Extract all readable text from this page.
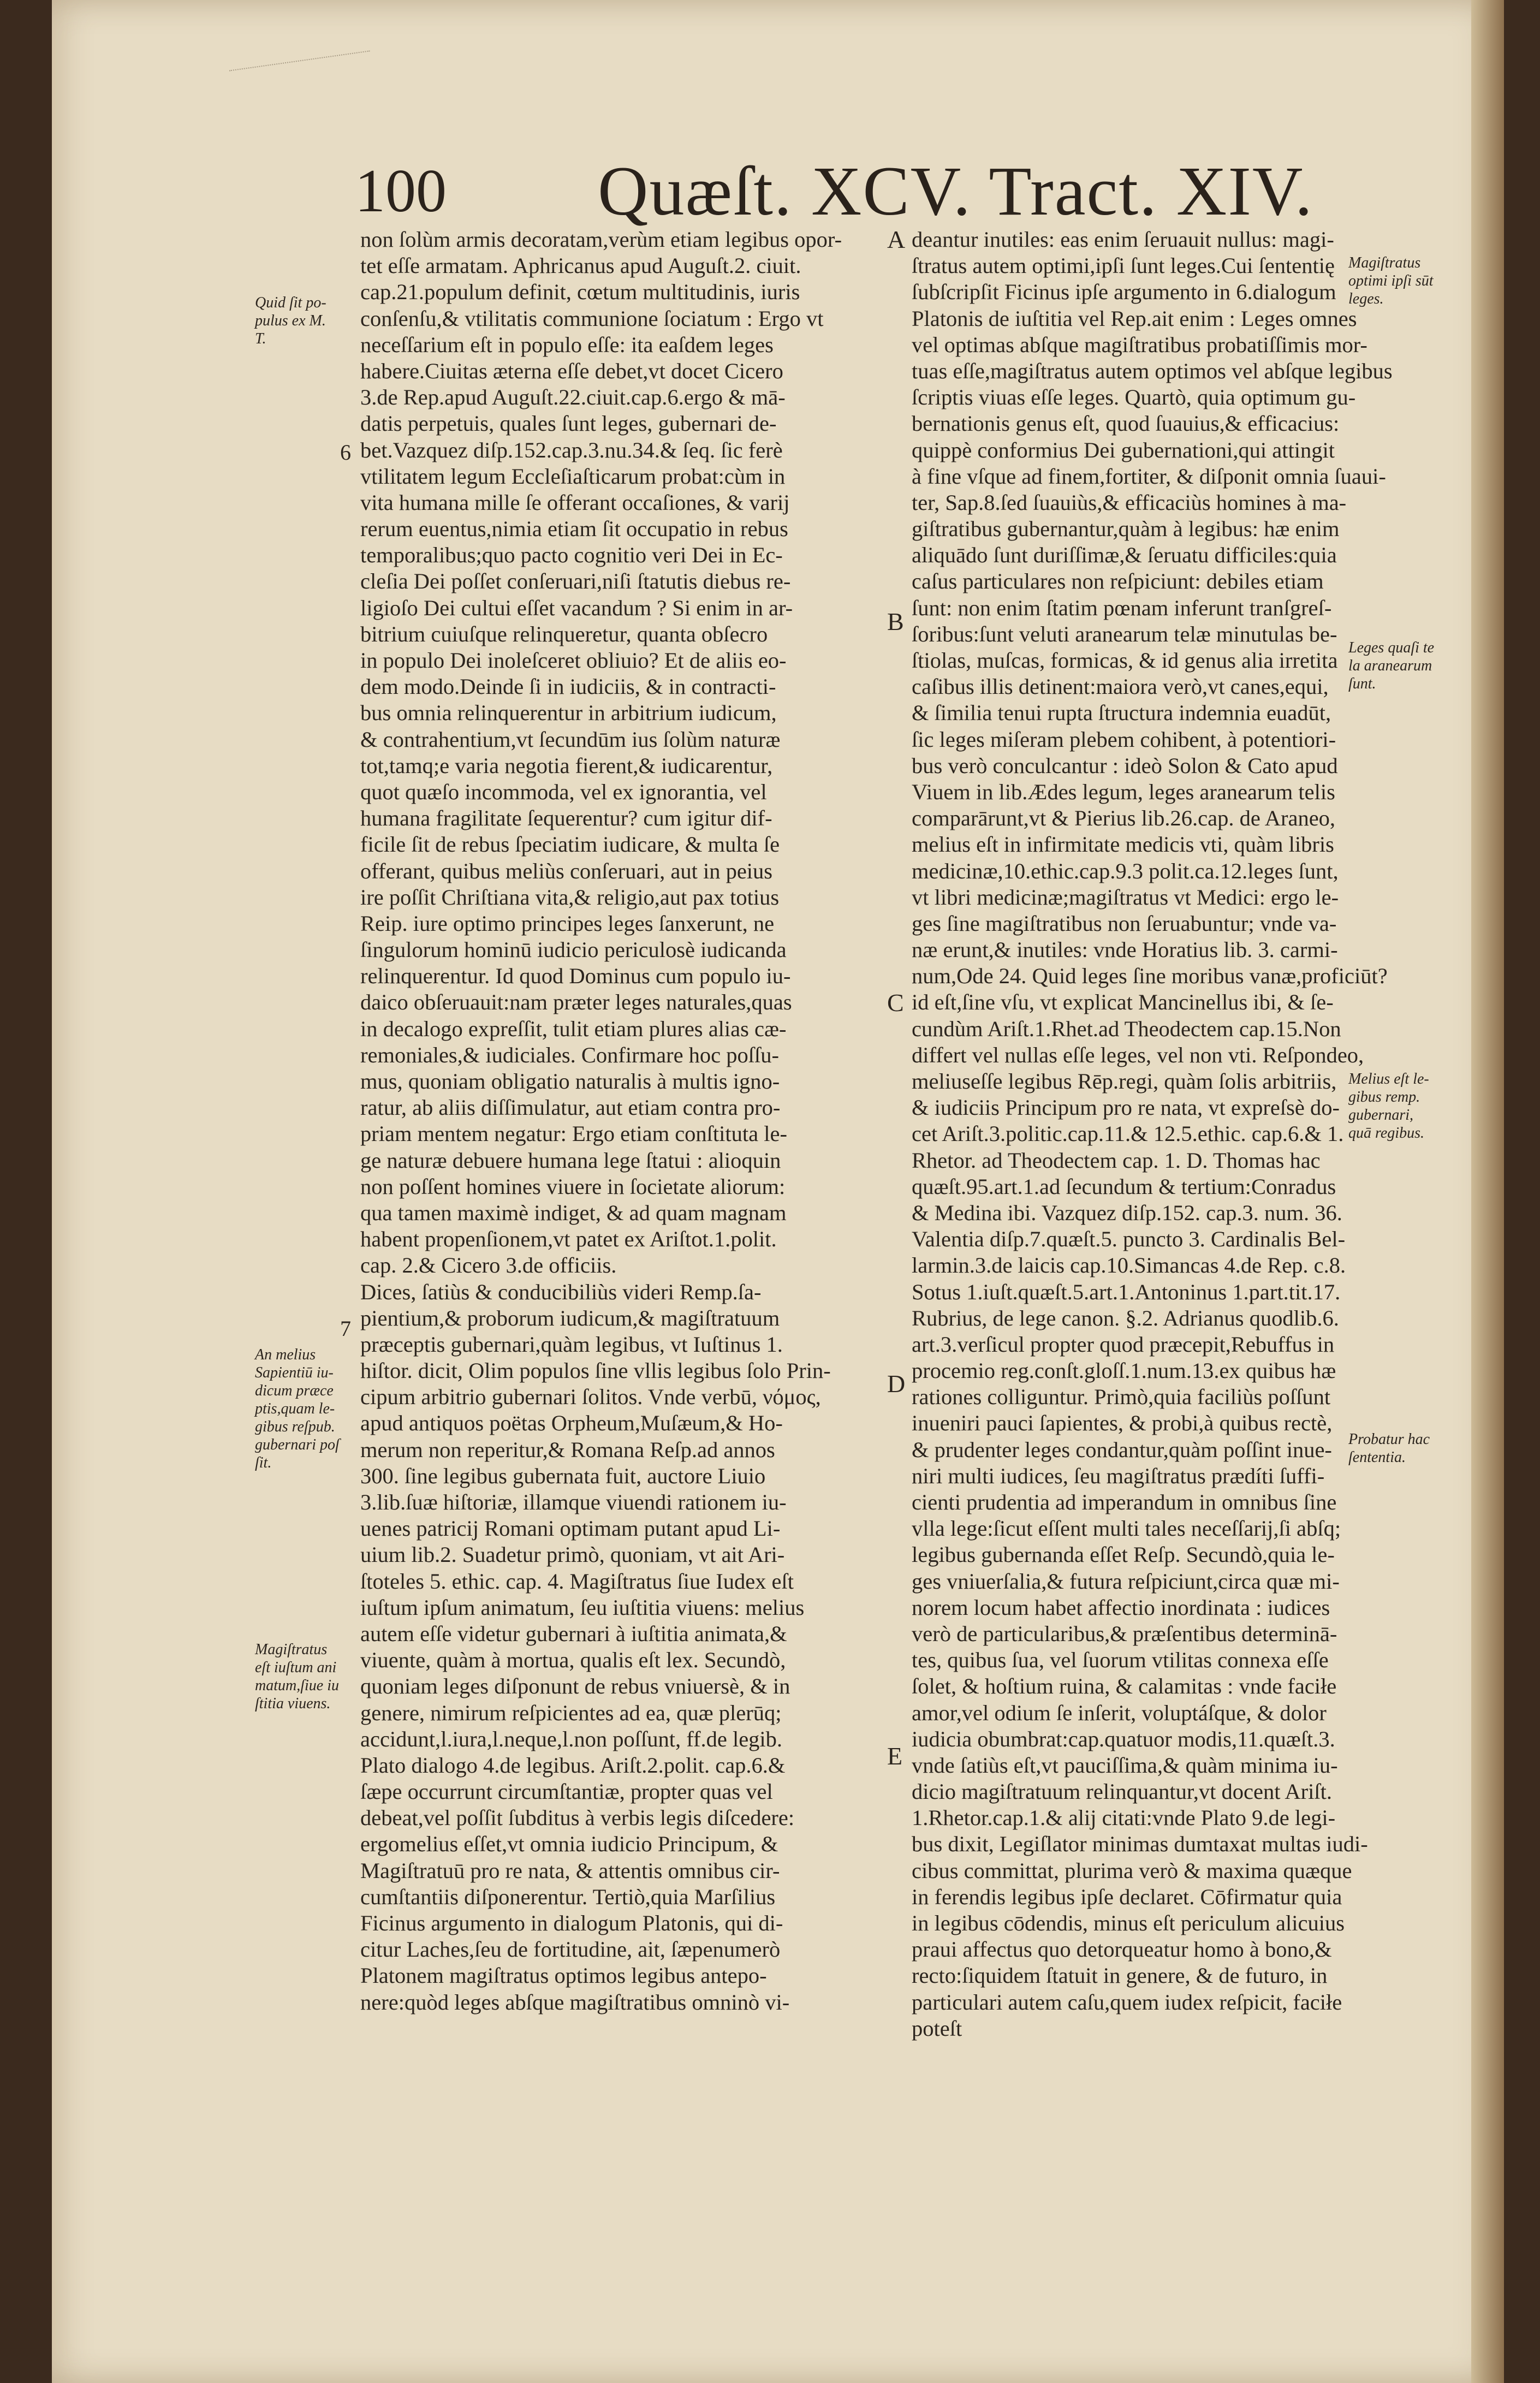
100 Quæſt. XCV. Tract. XIV.
non ſolùm armis decoratam,verùm etiam legibus opor-
tet eſſe armatam. Aphricanus apud Auguſt.2. ciuit.
cap.21.populum definit, cœtum multitudinis, iuris
conſenſu,& vtilitatis communione ſociatum : Ergo vt
neceſſarium eſt in populo eſſe: ita eaſdem leges
habere.Ciuitas æterna eſſe debet,vt docet Cicero
3.de Rep.apud Auguſt.22.ciuit.cap.6.ergo & mā-
datis perpetuis, quales ſunt leges, gubernari de-
bet.Vazquez diſp.152.cap.3.nu.34.& ſeq. ſic ferè
vtilitatem legum Eccleſiaſticarum probat:cùm in
vita humana mille ſe offerant occaſiones, & varij
rerum euentus,nimia etiam ſit occupatio in rebus
temporalibus;quo pacto cognitio veri Dei in Ec-
cleſia Dei poſſet conſeruari,niſi ſtatutis diebus re-
ligioſo Dei cultui eſſet vacandum ? Si enim in ar-
bitrium cuiuſque relinqueretur, quanta obſecro
in populo Dei inoleſceret obliuio? Et de aliis eo-
dem modo.Deinde ſi in iudiciis, & in contracti-
bus omnia relinquerentur in arbitrium iudicum,
& contrahentium,vt ſecundūm ius ſolùm naturæ
tot,tamq;e varia negotia fierent,& iudicarentur,
quot quæſo incommoda, vel ex ignorantia, vel
humana fragilitate ſequerentur? cum igitur dif-
ficile ſit de rebus ſpeciatim iudicare, & multa ſe
offerant, quibus meliùs conſeruari, aut in peius
ire poſſit Chriſtiana vita,& religio,aut pax totius
Reip. iure optimo principes leges ſanxerunt, ne
ſingulorum hominū iudicio periculosè iudicanda
relinquerentur. Id quod Dominus cum populo iu-
daico obſeruauit:nam præter leges naturales,quas
in decalogo expreſſit, tulit etiam plures alias cæ-
remoniales,& iudiciales. Confirmare hoc poſſu-
mus, quoniam obligatio naturalis à multis igno-
ratur, ab aliis diſſimulatur, aut etiam contra pro-
priam mentem negatur: Ergo etiam conſtituta le-
ge naturæ debuere humana lege ſtatui : alioquin
non poſſent homines viuere in ſocietate aliorum:
qua tamen maximè indiget, & ad quam magnam
habent propenſionem,vt patet ex Ariſtot.1.polit.
cap. 2.& Cicero 3.de officiis.
Dices, ſatiùs & conducibiliùs videri Remp.ſa-
pientium,& proborum iudicum,& magiſtratuum
præceptis gubernari,quàm legibus, vt Iuſtinus 1.
hiſtor. dicit, Olim populos ſine vllis legibus ſolo Prin-
cipum arbitrio gubernari ſolitos. Vnde verbū, νόμος,
apud antiquos poëtas Orpheum,Muſæum,& Ho-
merum non reperitur,& Romana Reſp.ad annos
300. ſine legibus gubernata fuit, auctore Liuio
3.lib.ſuæ hiſtoriæ, illamque viuendi rationem iu-
uenes patricij Romani optimam putant apud Li-
uium lib.2. Suadetur primò, quoniam, vt ait Ari-
ſtoteles 5. ethic. cap. 4. Magiſtratus ſiue Iudex eſt
iuſtum ipſum animatum, ſeu iuſtitia viuens: melius
autem eſſe videtur gubernari à iuſtitia animata,&
viuente, quàm à mortua, qualis eſt lex. Secundò,
quoniam leges diſponunt de rebus vniuersè, & in
genere, nimirum reſpicientes ad ea, quæ plerūq;
accidunt,l.iura,l.neque,l.non poſſunt, ff.de legib.
Plato dialogo 4.de legibus. Ariſt.2.polit. cap.6.&
ſæpe occurrunt circumſtantiæ, propter quas vel
debeat,vel poſſit ſubditus à verbis legis diſcedere:
ergomelius eſſet,vt omnia iudicio Principum, &
Magiſtratuū pro re nata, & attentis omnibus cir-
cumſtantiis diſponerentur. Tertiò,quia Marſilius
Ficinus argumento in dialogum Platonis, qui di-
citur Laches,ſeu de fortitudine, ait, ſæpenumerò
Platonem magiſtratus optimos legibus antepo-
nere:quòd leges abſque magiſtratibus omninò vi-
deantur inutiles: eas enim ſeruauit nullus: magi-
ſtratus autem optimi,ipſi ſunt leges.Cui ſententię
ſubſcripſit Ficinus ipſe argumento in 6.dialogum
Platonis de iuſtitia vel Rep.ait enim : Leges omnes
vel optimas abſque magiſtratibus probatiſſimis mor-
tuas eſſe,magiſtratus autem optimos vel abſque legibus
ſcriptis viuas eſſe leges. Quartò, quia optimum gu-
bernationis genus eſt, quod ſuauius,& efficacius:
quippè conformius Dei gubernationi,qui attingit
à fine vſque ad finem,fortiter, & diſponit omnia ſuaui-
ter, Sap.8.ſed ſuauiùs,& efficaciùs homines à ma-
giſtratibus gubernantur,quàm à legibus: hæ enim
aliquādo ſunt duriſſimæ,& ſeruatu difficiles:quia
caſus particulares non reſpiciunt: debiles etiam
ſunt: non enim ſtatim pœnam inferunt tranſgreſ-
ſoribus:ſunt veluti aranearum telæ minutulas be-
ſtiolas, muſcas, formicas, & id genus alia irretita
caſibus illis detinent:maiora verò,vt canes,equi,
& ſimilia tenui rupta ſtructura indemnia euadūt,
ſic leges miſeram plebem cohibent, à potentiori-
bus verò conculcantur : ideò Solon & Cato apud
Viuem in lib.Ædes legum, leges aranearum telis
comparārunt,vt & Pierius lib.26.cap. de Araneo,
melius eſt in infirmitate medicis vti, quàm libris
medicinæ,10.ethic.cap.9.3 polit.ca.12.leges ſunt,
vt libri medicinæ;magiſtratus vt Medici: ergo le-
ges ſine magiſtratibus non ſeruabuntur; vnde va-
næ erunt,& inutiles: vnde Horatius lib. 3. carmi-
num,Ode 24. Quid leges ſine moribus vanæ,proficiūt?
id eſt,ſine vſu, vt explicat Mancinellus ibi, & ſe-
cundùm Ariſt.1.Rhet.ad Theodectem cap.15.Non
differt vel nullas eſſe leges, vel non vti. Reſpondeo,
meliuseſſe legibus Rēp.regi, quàm ſolis arbitriis,
& iudiciis Principum pro re nata, vt expreſsè do-
cet Ariſt.3.politic.cap.11.& 12.5.ethic. cap.6.& 1.
Rhetor. ad Theodectem cap. 1. D. Thomas hac
quæſt.95.art.1.ad ſecundum & tertium:Conradus
& Medina ibi. Vazquez diſp.152. cap.3. num. 36.
Valentia diſp.7.quæſt.5. puncto 3. Cardinalis Bel-
larmin.3.de laicis cap.10.Simancas 4.de Rep. c.8.
Sotus 1.iuſt.quæſt.5.art.1.Antoninus 1.part.tit.17.
Rubrius, de lege canon. §.2. Adrianus quodlib.6.
art.3.verſicul propter quod præcepit,Rebuffus in
procemio reg.conſt.gloſſ.1.num.13.ex quibus hæ
rationes colliguntur. Primò,quia faciliùs poſſunt
inueniri pauci ſapientes, & probi,à quibus rectè,
& prudenter leges condantur,quàm poſſint inue-
niri multi iudices, ſeu magiſtratus prædíti ſuffi-
cienti prudentia ad imperandum in omnibus ſine
vlla lege:ſicut eſſent multi tales neceſſarij,ſi abſq;
legibus gubernanda eſſet Reſp. Secundò,quia le-
ges vniuerſalia,& futura reſpiciunt,circa quæ mi-
norem locum habet affectio inordinata : iudices
verò de particularibus,& præſentibus determinā-
tes, quibus ſua, vel ſuorum vtilitas connexa eſſe
ſolet, & hoſtium ruina, & calamitas : vnde faciłe
amor,vel odium ſe inſerit, voluptáſque, & dolor
iudicia obumbrat:cap.quatuor modis,11.quæſt.3.
vnde ſatiùs eſt,vt pauciſſima,& quàm minima iu-
dicio magiſtratuum relinquantur,vt docent Ariſt.
1.Rhetor.cap.1.& alij citati:vnde Plato 9.de legi-
bus dixit, Legiſlator minimas dumtaxat multas iudi-
cibus committat, plurima verò & maxima quæque
in ferendis legibus ipſe declaret. Cōfirmatur quia
in legibus cōdendis, minus eſt periculum alicuius
praui affectus quo detorqueatur homo à bono,&
recto:ſiquidem ſtatuit in genere, & de futuro, in
particulari autem caſu,quem iudex reſpicit, faciłe
poteſt
A
B
C
D
E
6
7
Quid ſit po-
pulus ex M.
T.
An melius
Sapientiū iu-
dicum præce
ptis,quam le-
gibus reſpub.
gubernari poſ
ſit.
Magiſtratus
eſt iuſtum ani
matum,ſiue iu
ſtitia viuens.
Magiſtratus
optimi ipſi sūt
leges.
Leges quaſi te
la aranearum
ſunt.
Melius eſt le-
gibus remp.
gubernari,
quā regibus.
Probatur hac
ſententia.
